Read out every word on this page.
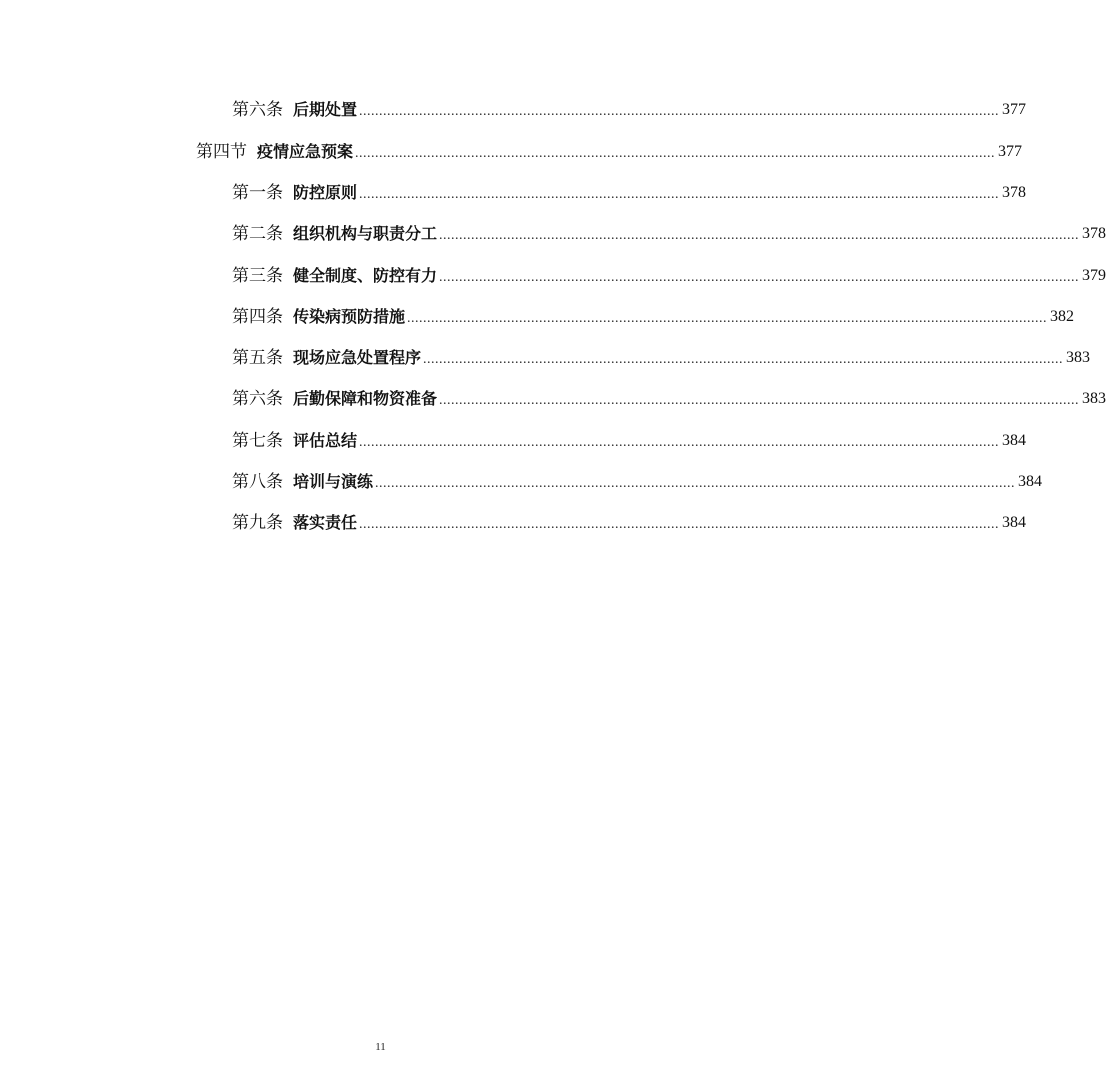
第六条 后期处置 ................................................................................................................................................................ 377
第四节 疫情应急预案 ................................................................................................................................................................ 377
第一条 防控原则 ................................................................................................................................................................ 378
第二条 组织机构与职责分工 ................................................................................................................................................................ 378
第三条 健全制度、防控有力 ................................................................................................................................................................ 379
第四条 传染病预防措施 ................................................................................................................................................................ 382
第五条 现场应急处置程序 ................................................................................................................................................................ 383
第六条 后勤保障和物资准备 ................................................................................................................................................................ 383
第七条 评估总结 ................................................................................................................................................................ 384
第八条 培训与演练 ................................................................................................................................................................ 384
第九条 落实责任 ................................................................................................................................................................ 384
11
